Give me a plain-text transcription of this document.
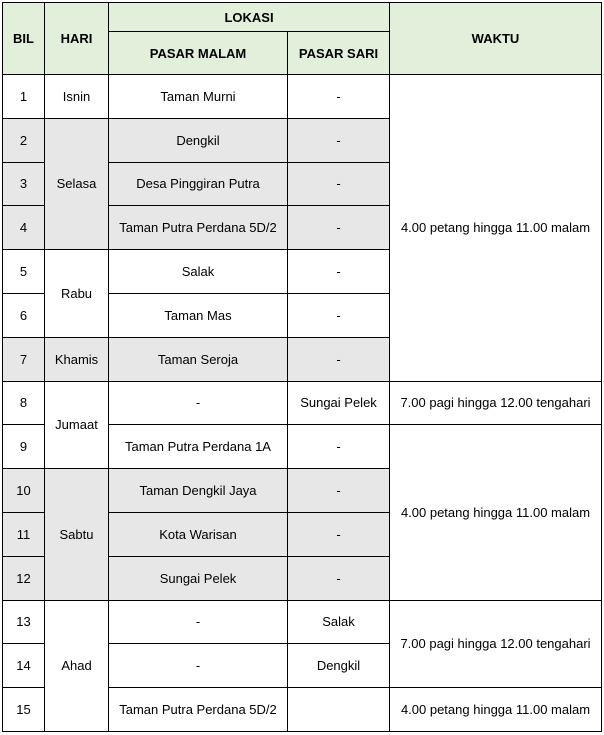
BIL	HARI	LOKASI		WAKTU
		PASAR MALAM	PASAR SARI	
1	Isnin	Taman Murni	-	4.00 petang hingga 11.00 malam
2	Selasa	Dengkil	-	
3		Desa Pinggiran Putra	-	
4		Taman Putra Perdana 5D/2	-	
5	Rabu	Salak	-	
6		Taman Mas	-	
7	Khamis	Taman Seroja	-	
8	Jumaat	-	Sungai Pelek	7.00 pagi hingga 12.00 tengahari
9		Taman Putra Perdana 1A	-	4.00 petang hingga 11.00 malam
10	Sabtu	Taman Dengkil Jaya	-	
11		Kota Warisan	-	
12		Sungai Pelek	-	
13	Ahad	-	Salak	7.00 pagi hingga 12.00 tengahari
14		-	Dengkil	
15		Taman Putra Perdana 5D/2		4.00 petang hingga 11.00 malam
